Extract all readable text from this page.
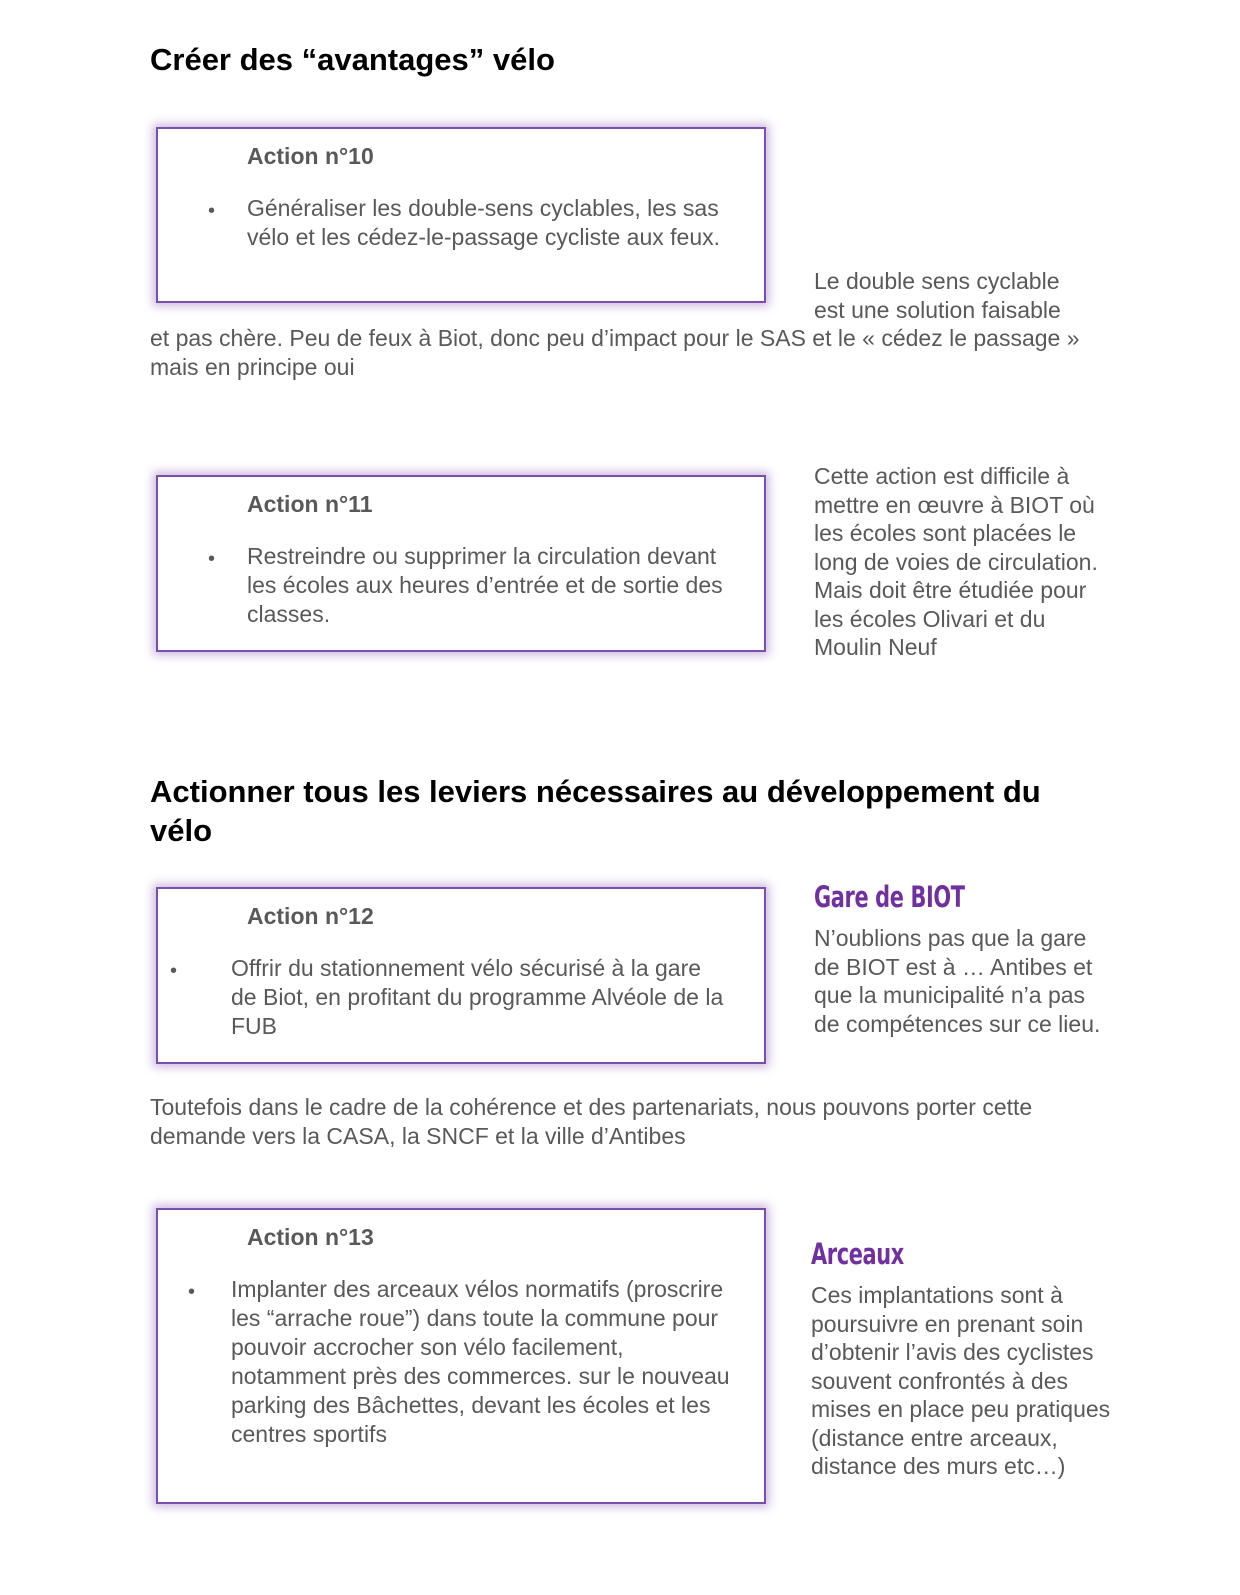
Créer des “avantages” vélo
Action n°10
• Généraliser les double-sens cyclables, les sas vélo et les cédez-le-passage cycliste aux feux.

Le double sens cyclable

est une solution faisable

et pas chère. Peu de feux à Biot, donc peu d’impact pour le SAS et le « cédez le passage » mais en principe oui

Action n°11
• Restreindre ou supprimer la circulation devant les écoles aux heures d’entrée et de sortie des classes.

Cette action est difficile à mettre en œuvre à BIOT où les écoles sont placées le long de voies de circulation. Mais doit être étudiée pour les écoles Olivari et du Moulin Neuf

Actionner tous les leviers nécessaires au développement du vélo
Action n°12
• Offrir du stationnement vélo sécurisé à la gare de Biot, en profitant du programme Alvéole de la FUB
Gare de BIOT

N’oublions pas que la gare de BIOT est à … Antibes et que la municipalité n’a pas de compétences sur ce lieu.

Toutefois dans le cadre de la cohérence et des partenariats, nous pouvons porter cette demande vers la CASA, la SNCF et la ville d’Antibes

Action n°13
• Implanter des arceaux vélos normatifs (proscrire les “arrache roue”) dans toute la commune pour pouvoir accrocher son vélo facilement, notamment près des commerces. sur le nouveau parking des Bâchettes, devant les écoles et les centres sportifs
Arceaux

Ces implantations sont à poursuivre en prenant soin d’obtenir l’avis des cyclistes souvent confrontés à des mises en place peu pratiques (distance entre arceaux, distance des murs etc…)
